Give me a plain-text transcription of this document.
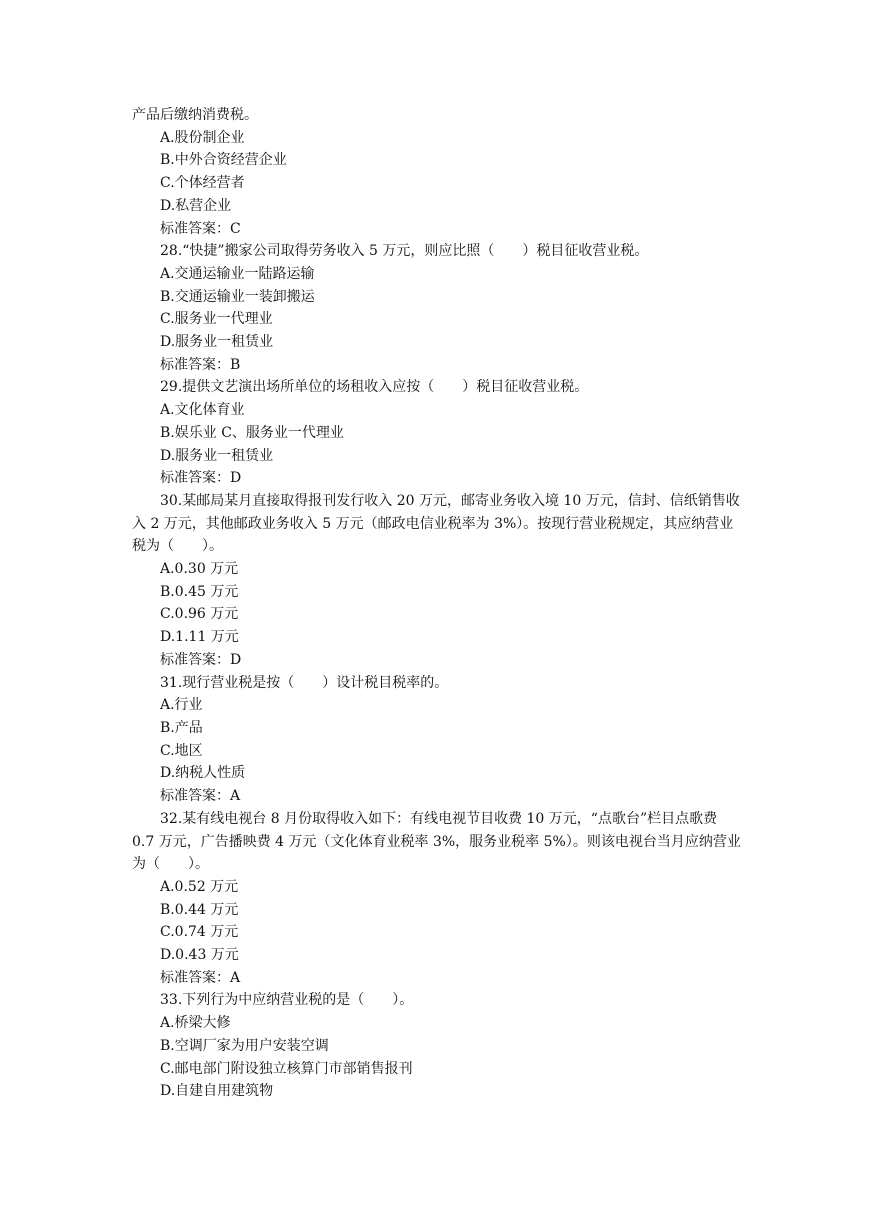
产品后缴纳消费税。
A.股份制企业
B.中外合资经营企业
C.个体经营者
D.私营企业
标准答案：C
28.“快捷”搬家公司取得劳务收入 5 万元，则应比照（　　）税目征收营业税。
A.交通运输业一陆路运输
B.交通运输业一装卸搬运
C.服务业一代理业
D.服务业一租赁业
标准答案：B
29.提供文艺演出场所单位的场租收入应按（　　）税目征收营业税。
A.文化体育业
B.娱乐业 C、服务业一代理业
D.服务业一租赁业
标准答案：D
30.某邮局某月直接取得报刊发行收入 20 万元，邮寄业务收入境 10 万元，信封、信纸销售收入 2 万元，其他邮政业务收入 5 万元（邮政电信业税率为 3%）。按现行营业税规定，其应纳营业税为（　　）。
A.0.30 万元
B.0.45 万元
C.0.96 万元
D.1.11 万元
标准答案：D
31.现行营业税是按（　　）设计税目税率的。
A.行业
B.产品
C.地区
D.纳税人性质
标准答案：A
32.某有线电视台 8 月份取得收入如下：有线电视节目收费 10 万元，“点歌台”栏目点歌费 0.7 万元，广告播映费 4 万元（文化体育业税率 3%，服务业税率 5%）。则该电视台当月应纳营业为（　　）。
A.0.52 万元
B.0.44 万元
C.0.74 万元
D.0.43 万元
标准答案：A
33.下列行为中应纳营业税的是（　　）。
A.桥梁大修
B.空调厂家为用户安装空调
C.邮电部门附设独立核算门市部销售报刊
D.自建自用建筑物
